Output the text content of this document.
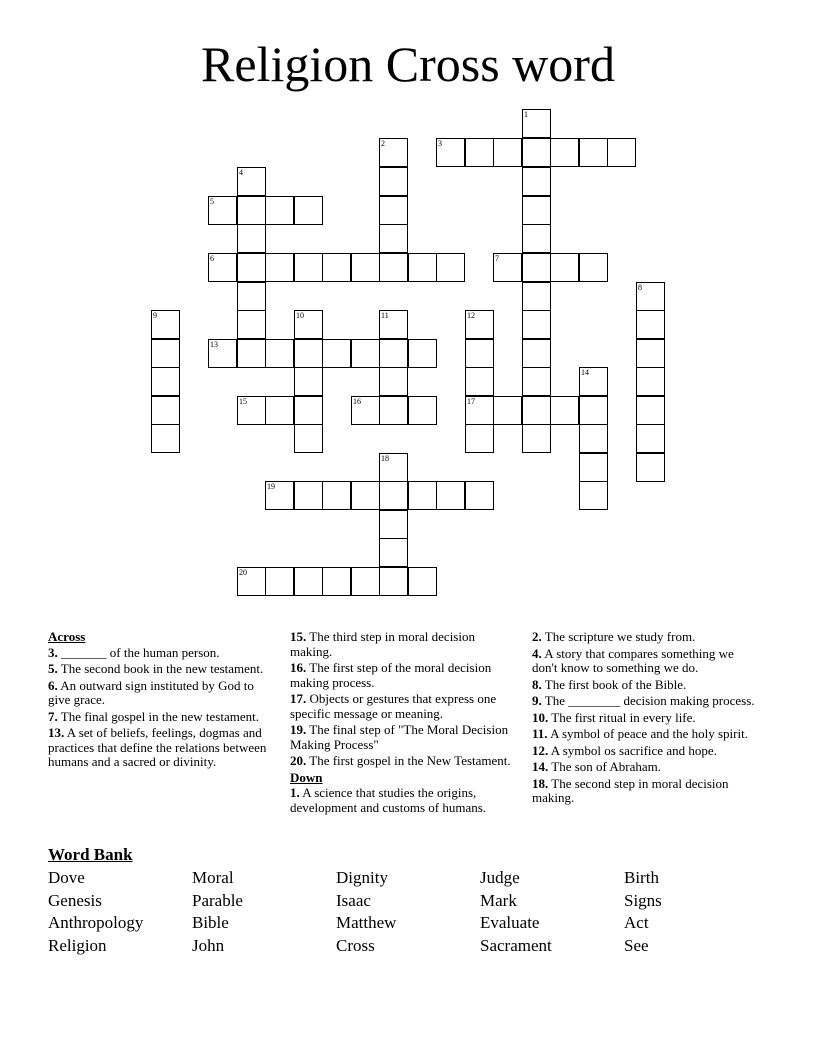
Religion Cross word
1
2	3
4
5
6	7
8
9	10	11	12
13
14
15	16	17
18
19
20

Across

3. _______ of the human person.

5. The second book in the new testament.

6. An outward sign instituted by God to give grace.

7. The final gospel in the new testament.

13. A set of beliefs, feelings, dogmas and practices that define the relations between humans and a sacred or divinity.

15. The third step in moral decision making.

16. The first step of the moral decision making process.

17. Objects or gestures that express one specific message or meaning.

19. The final step of "The Moral Decision Making Process"

20. The first gospel in the New Testament.

Down

1. A science that studies the origins, development and customs of humans.

2. The scripture we study from.

4. A story that compares something we don't know to something we do.

8. The first book of the Bible.

9. The ________ decision making process.

10. The first ritual in every life.

11. A symbol of peace and the holy spirit.

12. A symbol os sacrifice and hope.

14. The son of Abraham.

18. The second step in moral decision making.

Word Bank
Dove	Moral	Dignity	Judge	Birth
Genesis	Parable	Isaac	Mark	Signs
Anthropology	Bible	Matthew	Evaluate	Act
Religion	John	Cross	Sacrament	See
